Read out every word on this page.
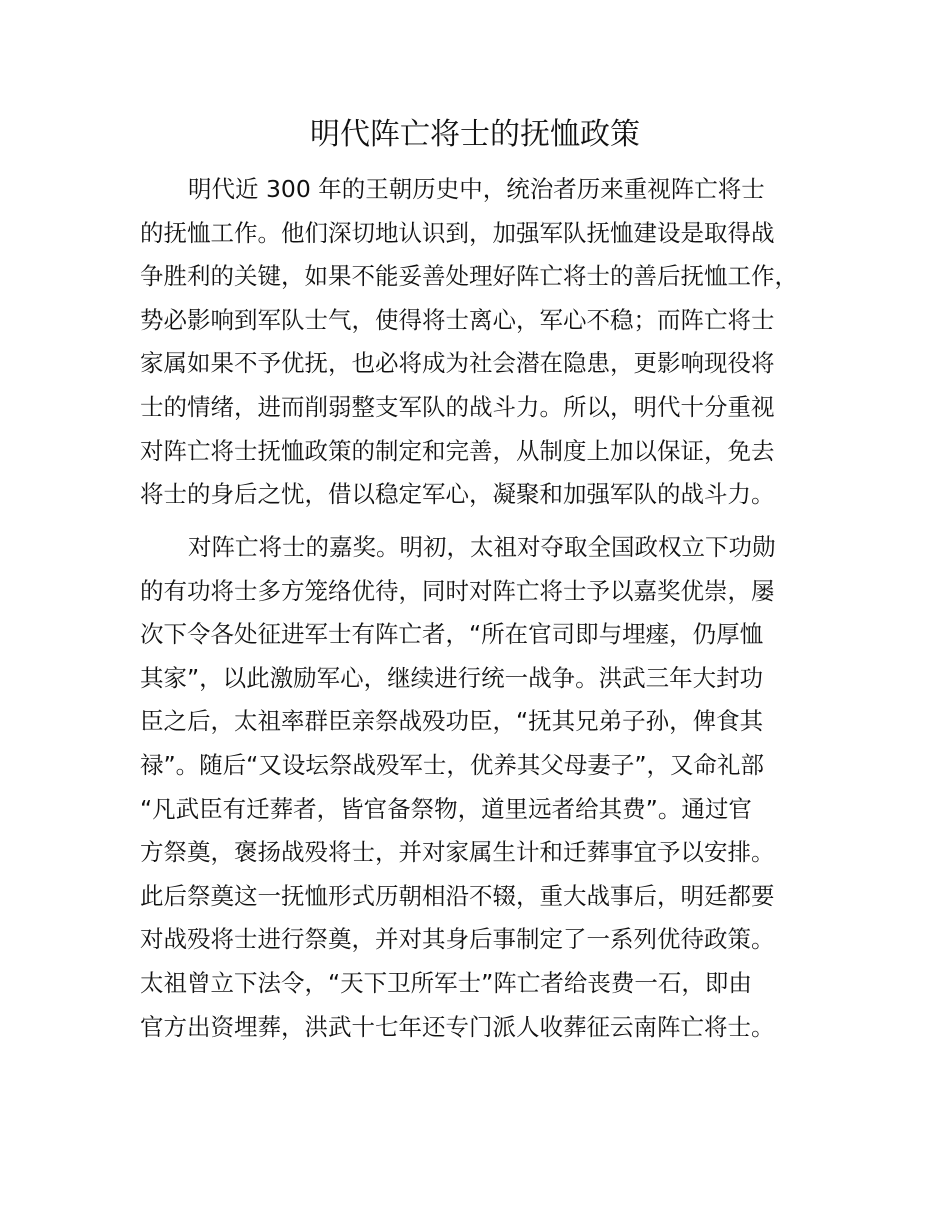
明代阵亡将士的抚恤政策
明代近 300 年的王朝历史中，统治者历来重视阵亡将士
的抚恤工作。他们深切地认识到，加强军队抚恤建设是取得战
争胜利的关键，如果不能妥善处理好阵亡将士的善后抚恤工作，
势必影响到军队士气，使得将士离心，军心不稳；而阵亡将士
家属如果不予优抚，也必将成为社会潜在隐患，更影响现役将
士的情绪，进而削弱整支军队的战斗力。所以，明代十分重视
对阵亡将士抚恤政策的制定和完善，从制度上加以保证，免去
将士的身后之忧，借以稳定军心，凝聚和加强军队的战斗力。
对阵亡将士的嘉奖。明初，太祖对夺取全国政权立下功勋
的有功将士多方笼络优待，同时对阵亡将士予以嘉奖优崇，屡
次下令各处征进军士有阵亡者，“所在官司即与埋瘗，仍厚恤
其家”，以此激励军心，继续进行统一战争。洪武三年大封功
臣之后，太祖率群臣亲祭战殁功臣，“抚其兄弟子孙，俾食其
禄”。随后“又设坛祭战殁军士，优养其父母妻子”，又命礼部
“凡武臣有迁葬者，皆官备祭物，道里远者给其费”。通过官
方祭奠，褒扬战殁将士，并对家属生计和迁葬事宜予以安排。
此后祭奠这一抚恤形式历朝相沿不辍，重大战事后，明廷都要
对战殁将士进行祭奠，并对其身后事制定了一系列优待政策。
太祖曾立下法令，“天下卫所军士”阵亡者给丧费一石，即由
官方出资埋葬，洪武十七年还专门派人收葬征云南阵亡将士。
